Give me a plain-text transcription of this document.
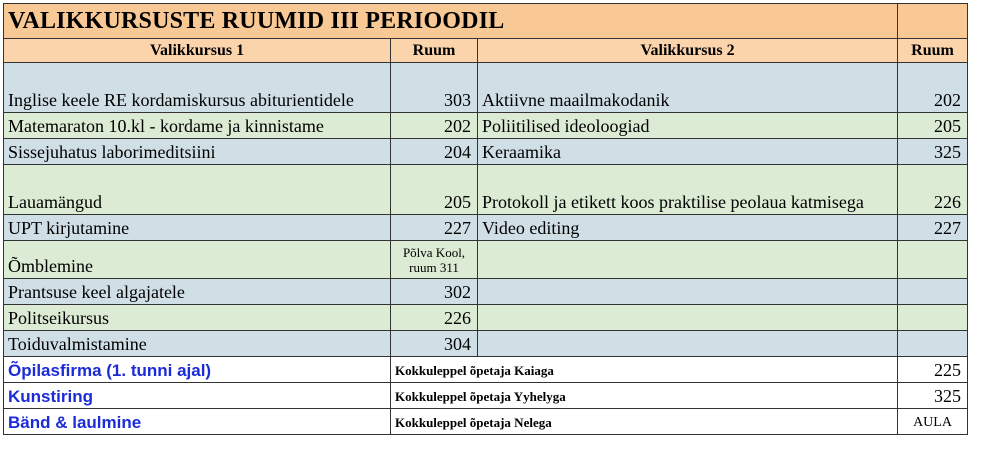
VALIKKURSUSTE RUUMID III PERIOODIL			
Valikkursus 1	Ruum	Valikkursus 2	Ruum
Inglise keele RE kordamiskursus abiturientidele	303	Aktiivne maailmakodanik	202
Matemaraton 10.kl - kordame ja kinnistame	202	Poliitilised ideoloogiad	205
Sissejuhatus laborimeditsiini	204	Keraamika	325
Lauamängud	205	Protokoll ja etikett koos praktilise peolaua katmisega	226
UPT kirjutamine	227	Video editing	227
Õmblemine	Põlva Kool, ruum 311		
Prantsuse keel algajatele	302		
Politseikursus	226		
Toiduvalmistamine	304		
Õpilasfirma (1. tunni ajal)	Kokkuleppel õpetaja Kaiaga		225
Kunstiring	Kokkuleppel õpetaja Yyhelyga		325
Bänd & laulmine	Kokkuleppel õpetaja Nelega		AULA
